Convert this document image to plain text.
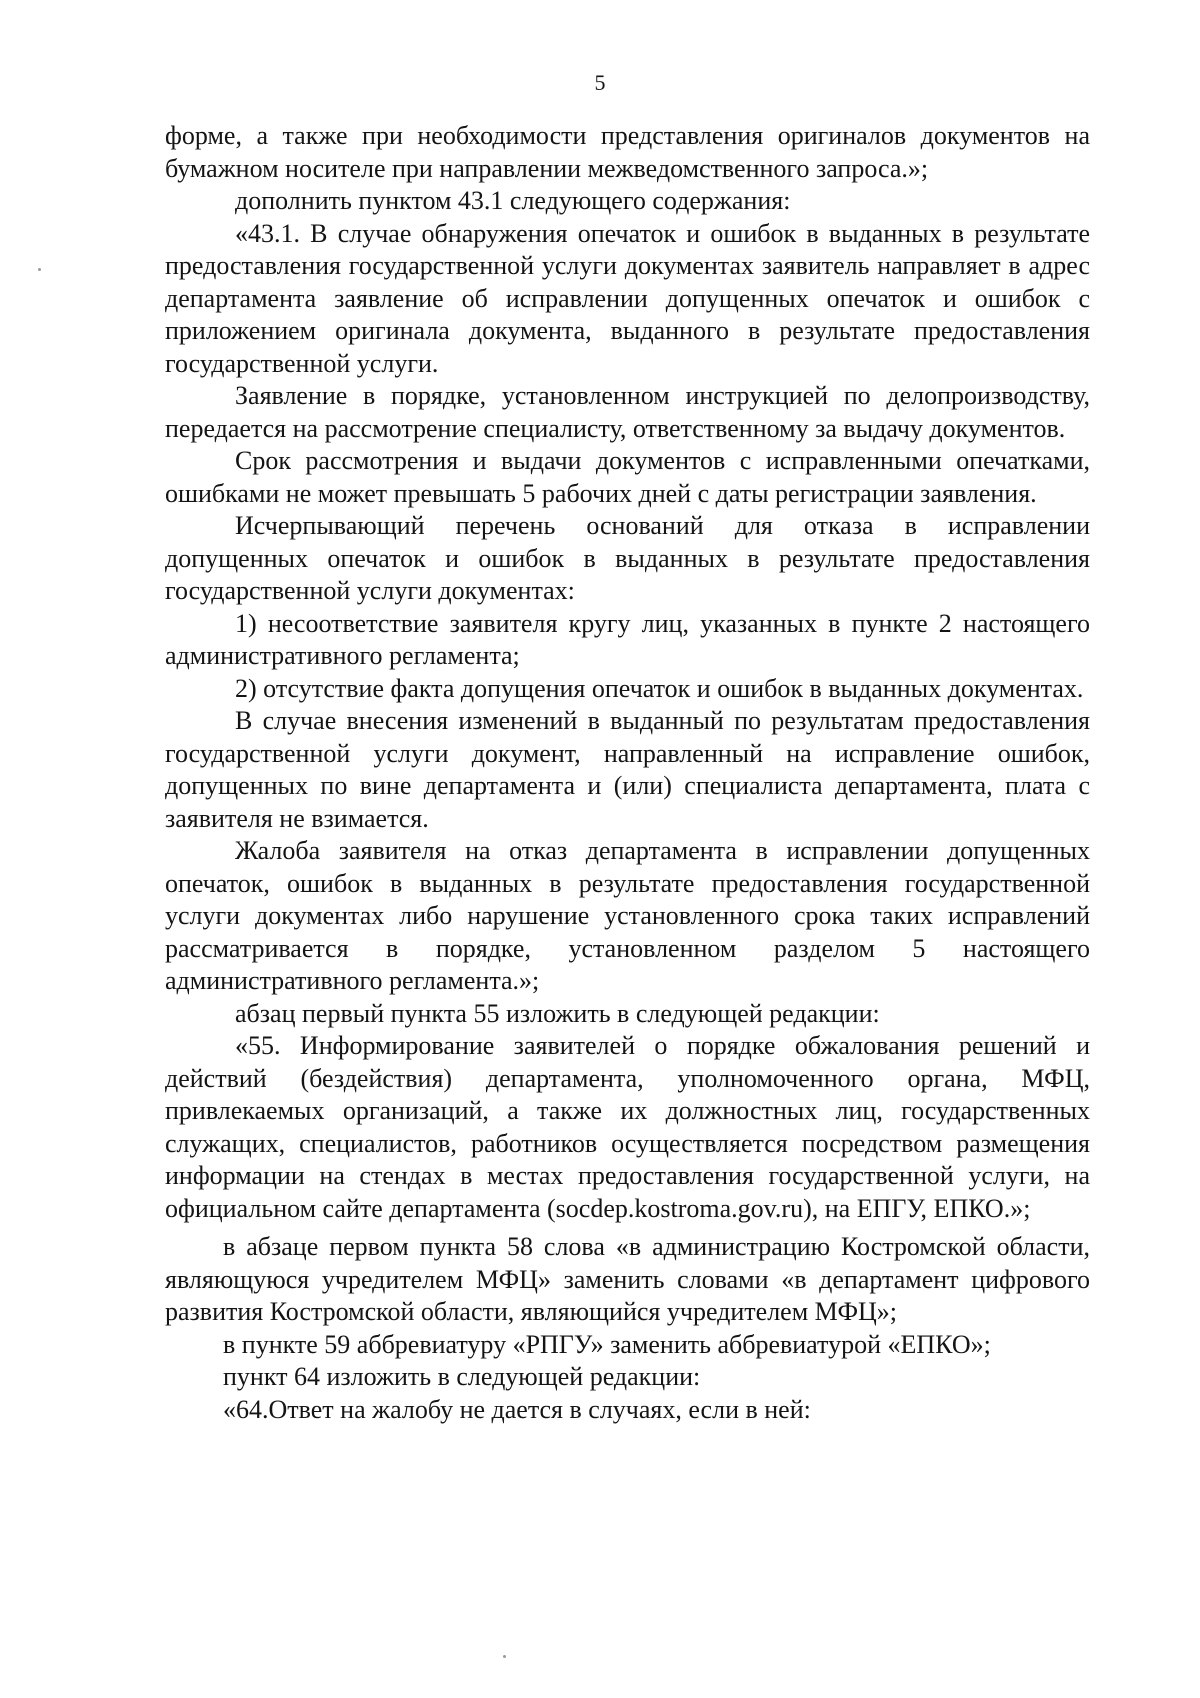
5

форме, а также при необходимости представления оригиналов документов на бумажном носителе при направлении межведомственного запроса.»;

дополнить пунктом 43.1 следующего содержания:

«43.1. В случае обнаружения опечаток и ошибок в выданных в результате предоставления государственной услуги документах заявитель направляет в адрес департамента заявление об исправлении допущенных опечаток и ошибок с приложением оригинала документа, выданного в результате предоставления государственной услуги.

Заявление в порядке, установленном инструкцией по делопроизводству, передается на рассмотрение специалисту, ответственному за выдачу документов.

Срок рассмотрения и выдачи документов с исправленными опечатками, ошибками не может превышать 5 рабочих дней с даты регистрации заявления.

Исчерпывающий перечень оснований для отказа в исправлении допущенных опечаток и ошибок в выданных в результате предоставления государственной услуги документах:

1) несоответствие заявителя кругу лиц, указанных в пункте 2 настоящего административного регламента;

2) отсутствие факта допущения опечаток и ошибок в выданных документах.

В случае внесения изменений в выданный по результатам предоставления государственной услуги документ, направленный на исправление ошибок, допущенных по вине департамента и (или) специалиста департамента, плата с заявителя не взимается.

Жалоба заявителя на отказ департамента в исправлении допущенных опечаток, ошибок в выданных в результате предоставления государственной услуги документах либо нарушение установленного срока таких исправлений рассматривается в порядке, установленном разделом 5 настоящего административного регламента.»;

абзац первый пункта 55 изложить в следующей редакции:

«55. Информирование заявителей о порядке обжалования решений и действий (бездействия) департамента, уполномоченного органа, МФЦ, привлекаемых организаций, а также их должностных лиц, государственных служащих, специалистов, работников осуществляется посредством размещения информации на стендах в местах предоставления государственной услуги, на официальном сайте департамента (socdep.kostroma.gov.ru), на ЕПГУ, ЕПКО.»;

в абзаце первом пункта 58 слова «в администрацию Костромской области, являющуюся учредителем МФЦ» заменить словами «в департамент цифрового развития Костромской области, являющийся учредителем МФЦ»;

в пункте 59 аббревиатуру «РПГУ» заменить аббревиатурой «ЕПКО»;

пункт 64 изложить в следующей редакции:

«64.Ответ на жалобу не дается в случаях, если в ней:
